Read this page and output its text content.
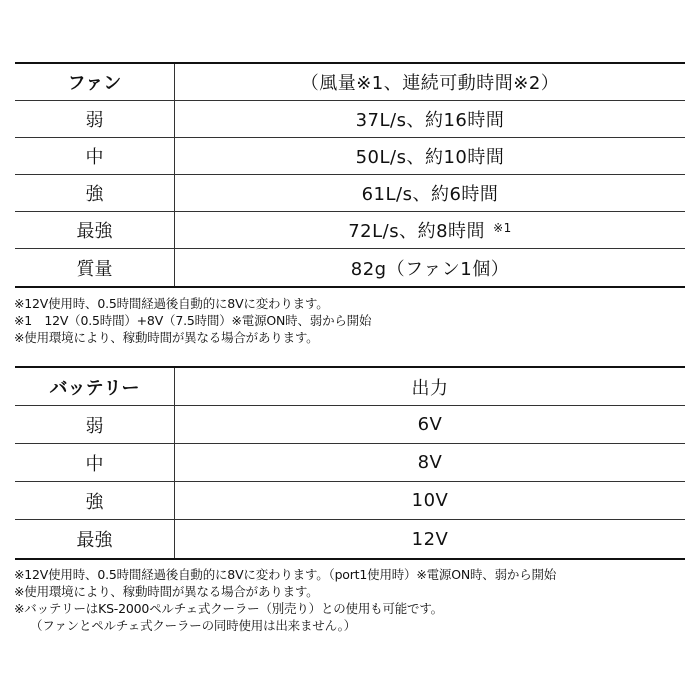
ファン	（風量※1、連続可動時間※2）
弱	37L/s、約16時間
中	50L/s、約10時間
強	61L/s、約6時間
最強	72L/s、約8時間 ※1
質量	82g（ファン1個）
※12V使用時、0.5時間経過後自動的に8Vに変わります。
※1　12V（0.5時間）+8V（7.5時間）※電源ON時、弱から開始
※使用環境により、稼動時間が異なる場合があります。
バッテリー	出力
弱	6V
中	8V
強	10V
最強	12V
※12V使用時、0.5時間経過後自動的に8Vに変わります。（port1使用時）※電源ON時、弱から開始
※使用環境により、稼動時間が異なる場合があります。
※バッテリーはKS-2000ペルチェ式クーラー（別売り）との使用も可能です。
（ファンとペルチェ式クーラーの同時使用は出来ません。）
